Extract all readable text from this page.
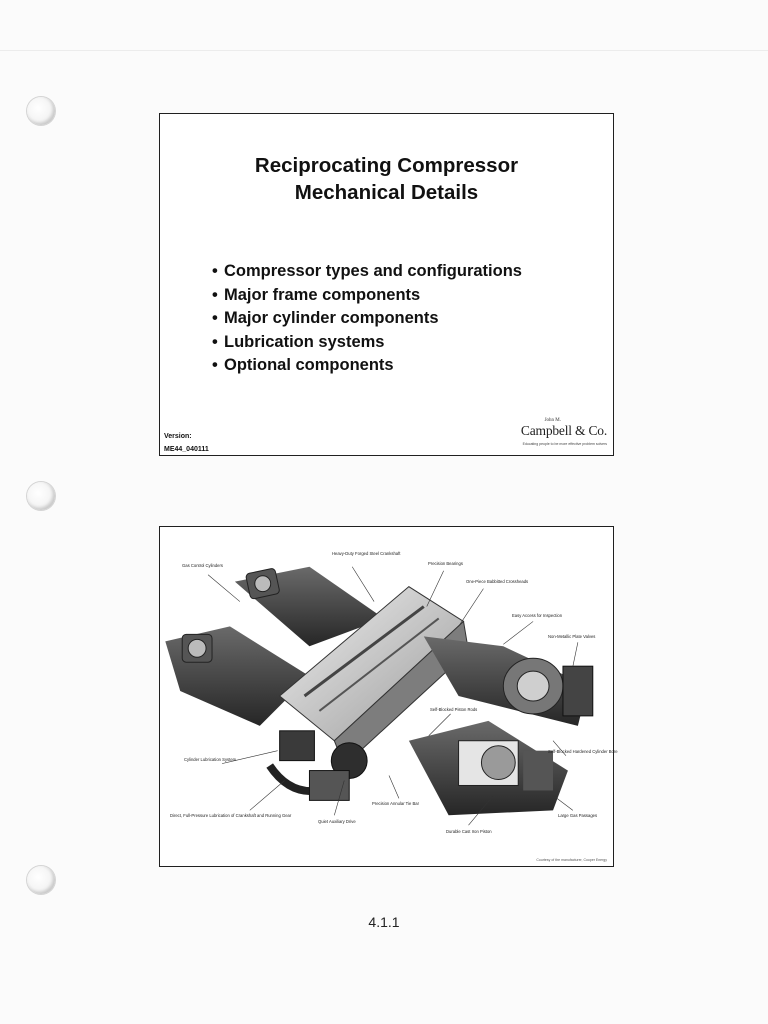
Reciprocating Compressor
Mechanical Details
• Compressor types and configurations
• Major frame components
• Major cylinder components
• Lubrication systems
• Optional components
Version:
ME44_040111
John M.
Campbell & Co.
Educating people to be more effective problem solvers
Gas Control Cylinders
Heavy-Duty Forged Steel Crankshaft
Precision Bearings
One-Piece Babbitted Crossheads
Easy Access for Inspection
Non-Metallic Plate Valves
Self-Blocked Piston Rods
Self-Blocked Hardened Cylinder Bore
Cylinder Lubrication System
Direct, Full-Pressure Lubrication of Crankshaft and Running Gear
Quiet Auxiliary Drive
Precision Annular Tie Bar
Durable Cast Iron Piston
Large Gas Passages
Courtesy of the manufacturer, Cooper Energy
4.1.1
